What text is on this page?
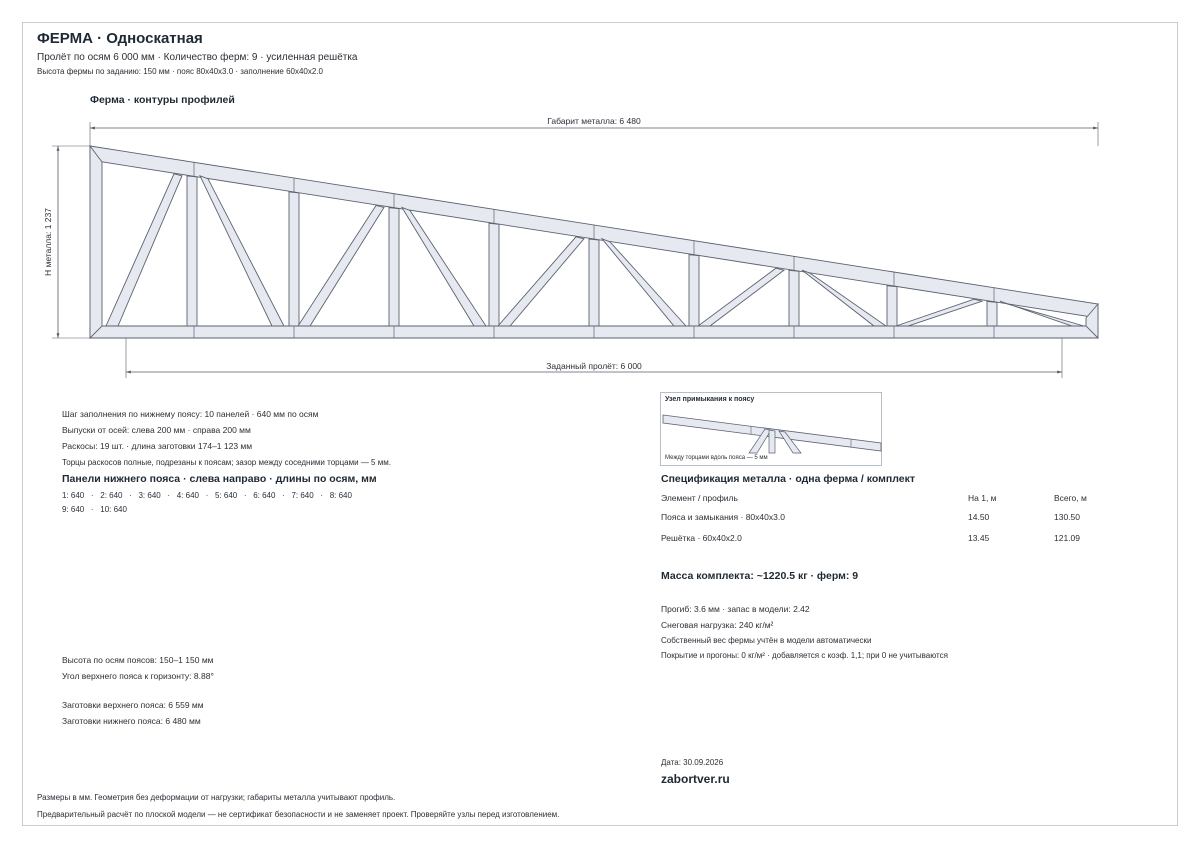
ФЕРМА · Односкатная
Пролёт по осям 6 000 мм · Количество ферм: 9 · усиленная решётка
Высота фермы по заданию: 150 мм · пояс 80x40x3.0 · заполнение 60x40x2.0
Ферма · контуры профилей
Габарит металла: 6 480
H металла: 1 237
Заданный пролёт: 6 000
Шаг заполнения по нижнему поясу: 10 панелей · 640 мм по осям
Выпуски от осей: слева 200 мм · справа 200 мм
Раскосы: 19 шт. · длина заготовки 174–1 123 мм
Торцы раскосов полные, подрезаны к поясам; зазор между соседними торцами — 5 мм.
Панели нижнего пояса · слева направо · длины по осям, мм
1: 640   ·   2: 640   ·   3: 640   ·   4: 640   ·   5: 640   ·   6: 640   ·   7: 640   ·   8: 640
9: 640   ·   10: 640
Высота по осям поясов: 150–1 150 мм
Угол верхнего пояса к горизонту: 8.88°
Заготовки верхнего пояса: 6 559 мм
Заготовки нижнего пояса: 6 480 мм
Узел примыкания к поясу
Между торцами вдоль пояса — 5 мм
Спецификация металла · одна ферма / комплект
Элемент / профиль	На 1, м	Всего, м
Пояса и замыкания · 80x40x3.0	14.50	130.50
Решётка · 60x40x2.0	13.45	121.09
Масса комплекта: ~1220.5 кг · ферм: 9
Прогиб: 3.6 мм · запас в модели: 2.42
Снеговая нагрузка: 240 кг/м²
Собственный вес фермы учтён в модели автоматически
Покрытие и прогоны: 0 кг/м² · добавляется с коэф. 1,1; при 0 не учитываются
Дата: 30.09.2026
zabortver.ru
Размеры в мм. Геометрия без деформации от нагрузки; габариты металла учитывают профиль.
Предварительный расчёт по плоской модели — не сертификат безопасности и не заменяет проект. Проверяйте узлы перед изготовлением.
